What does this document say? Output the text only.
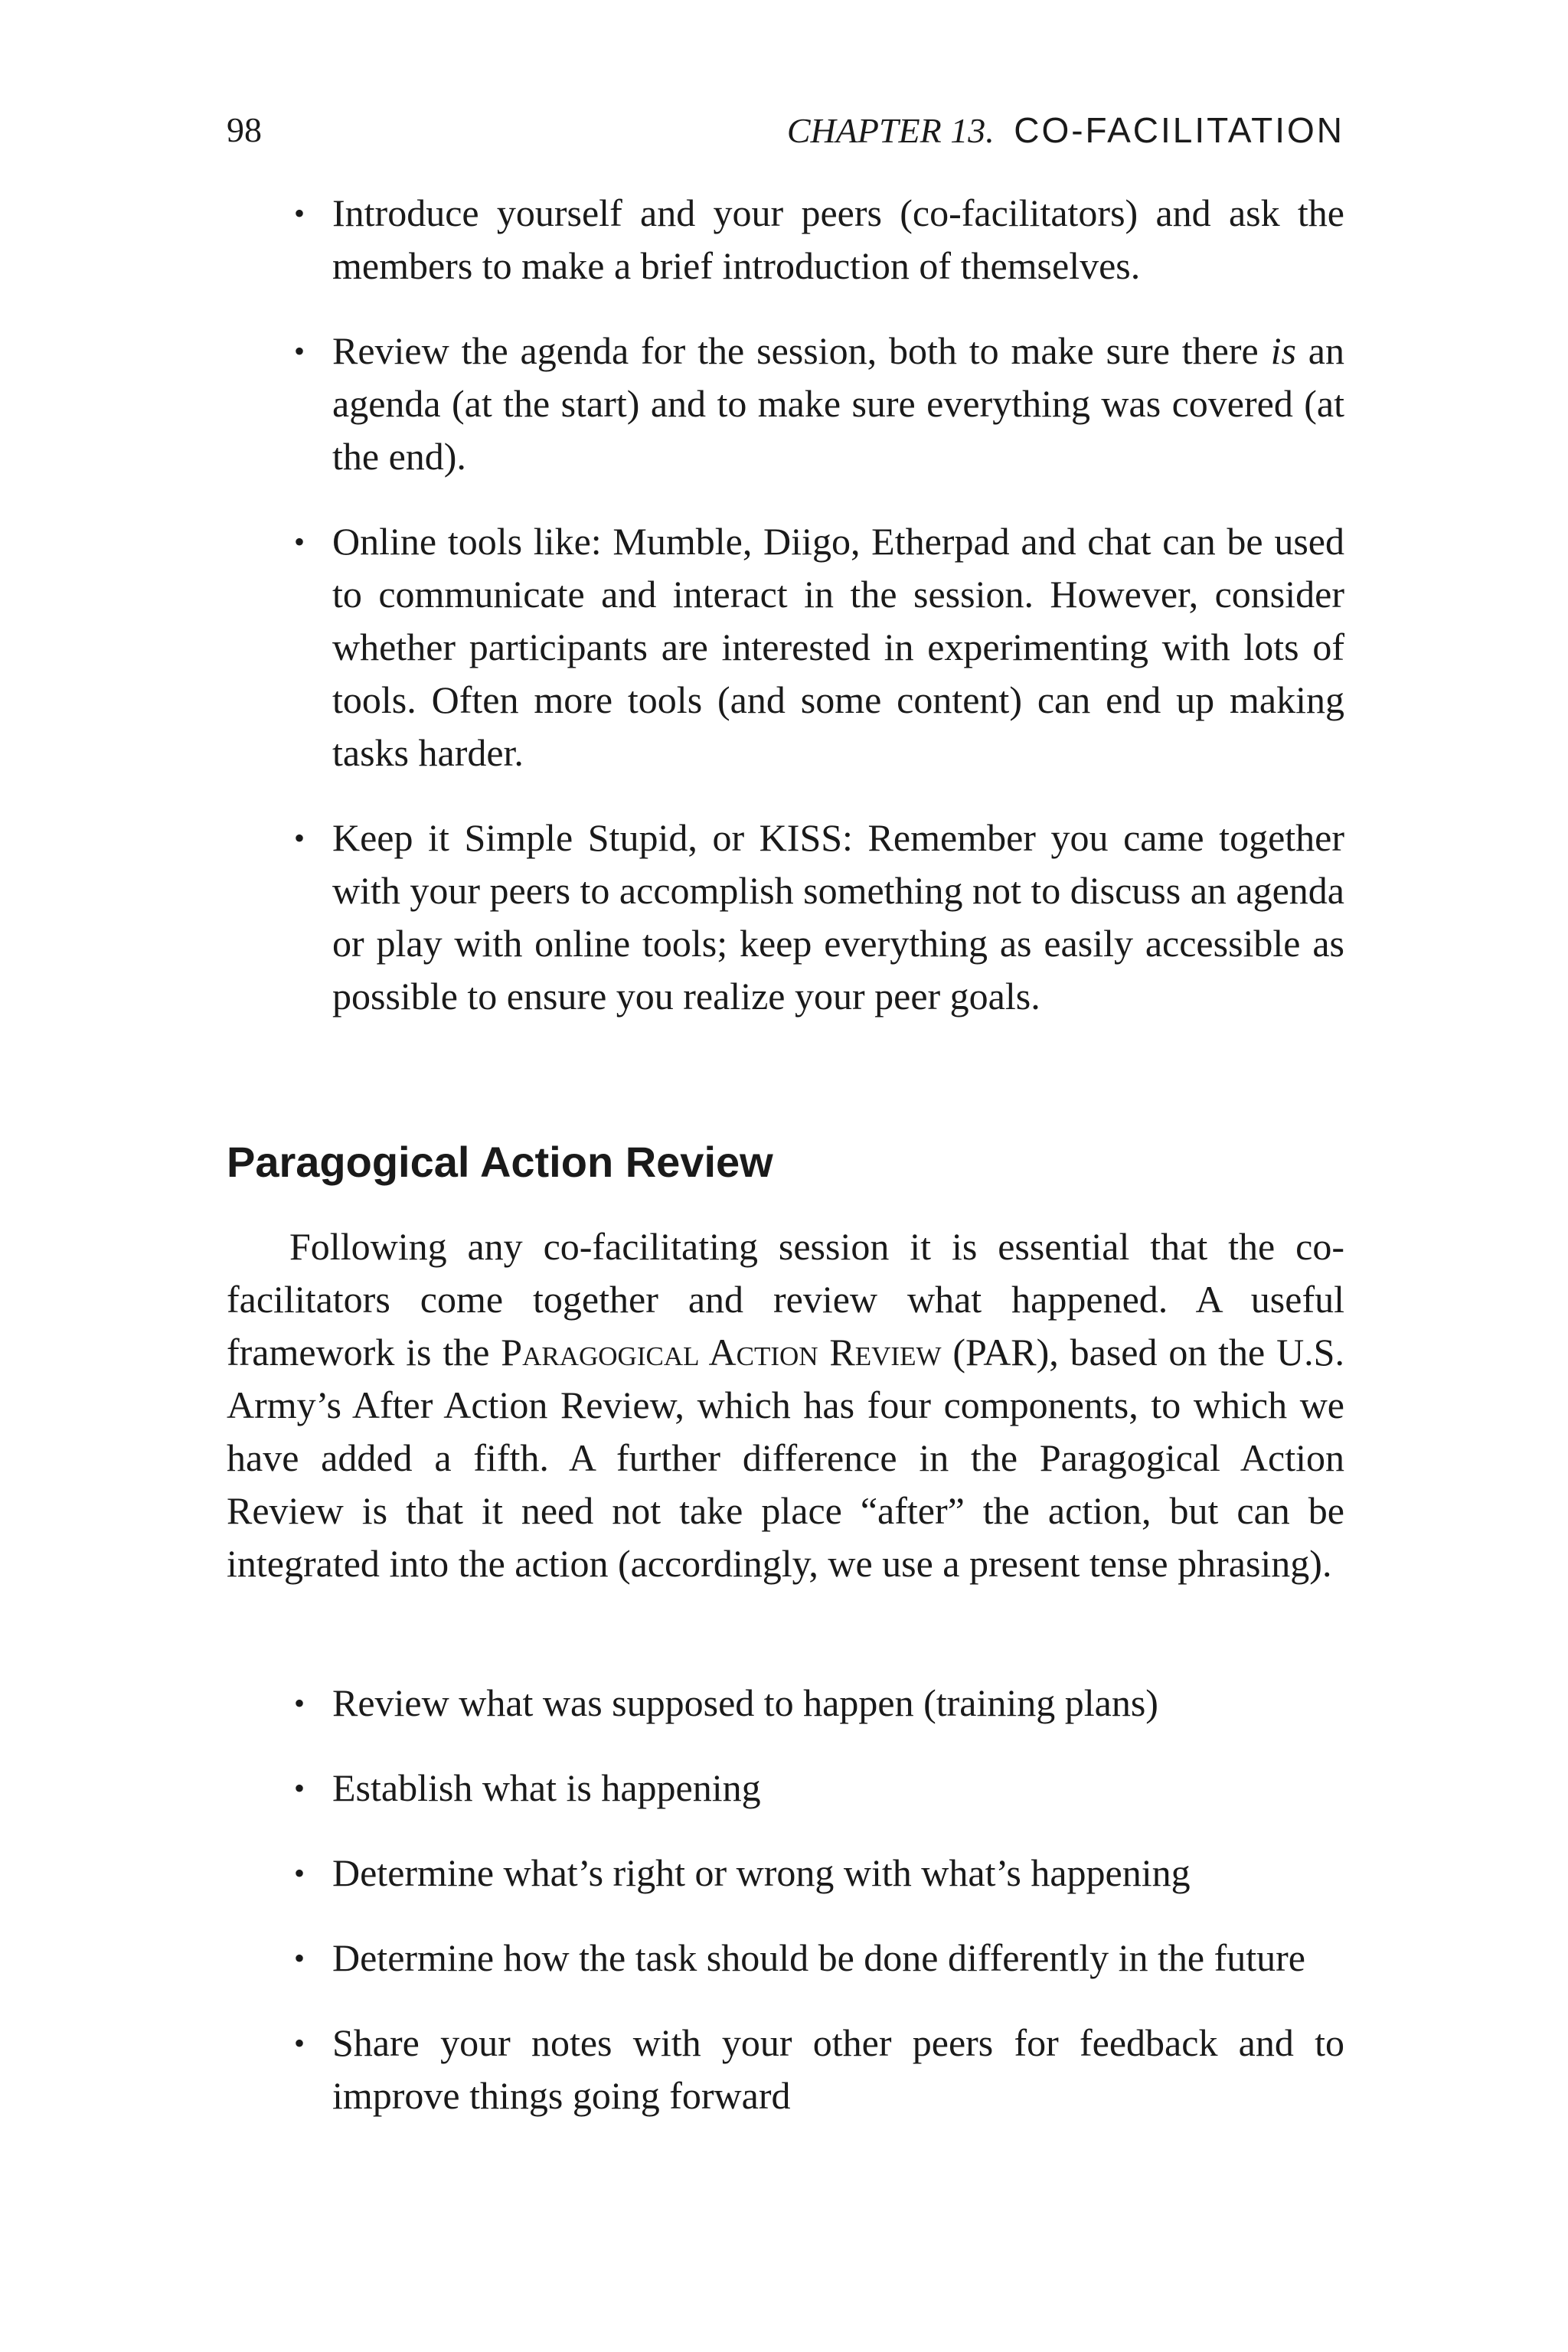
98	CHAPTER 13. CO-FACILITATION
• Introduce yourself and your peers (co-facilitators) and ask the members to make a brief introduction of themselves.
• Review the agenda for the session, both to make sure there is an agenda (at the start) and to make sure everything was covered (at the end).
• Online tools like: Mumble, Diigo, Etherpad and chat can be used to communicate and interact in the session. However, consider whether participants are interested in experimenting with lots of tools. Often more tools (and some content) can end up making tasks harder.
• Keep it Simple Stupid, or KISS: Remember you came together with your peers to accomplish something not to discuss an agenda or play with online tools; keep everything as easily accessible as possible to ensure you realize your peer goals.
Paragogical Action Review

Following any co-facilitating session it is essential that the co-facilitators come together and review what happened. A useful framework is the Paragogical Action Review (PAR), based on the U.S. Army’s After Action Review, which has four components, to which we have added a fifth. A further difference in the Paragogical Action Review is that it need not take place “after” the action, but can be integrated into the action (accordingly, we use a present tense phrasing).

• Review what was supposed to happen (training plans)
• Establish what is happening
• Determine what’s right or wrong with what’s happening
• Determine how the task should be done differently in the future
• Share your notes with your other peers for feedback and to improve things going forward
